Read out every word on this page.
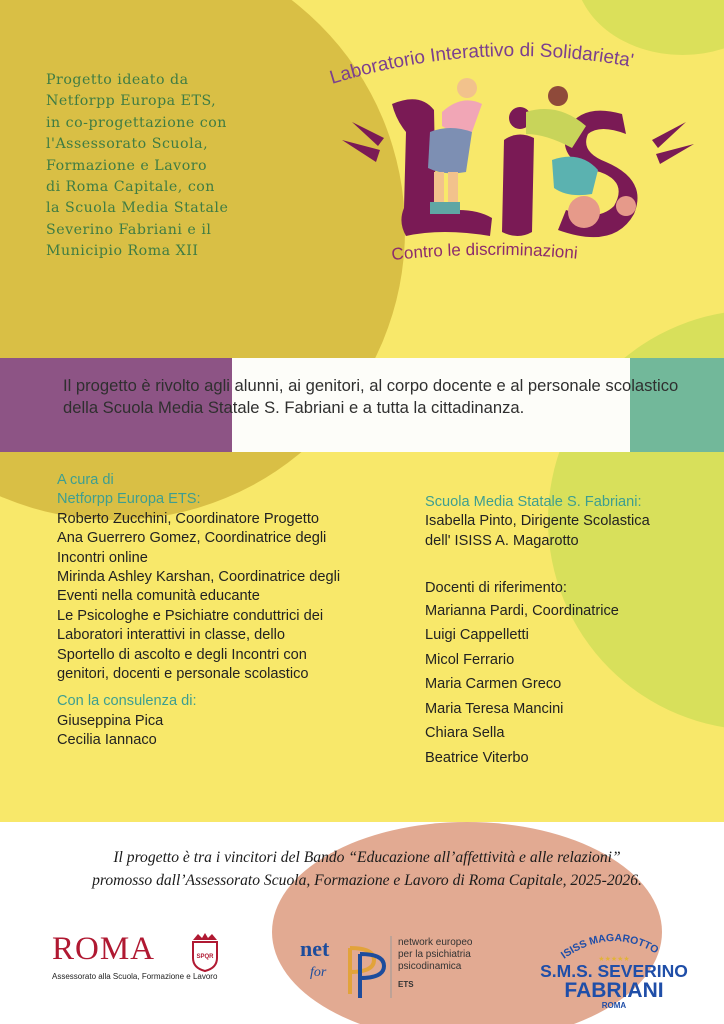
Progetto ideato da
Netforpp Europa ETS,
in co-progettazione con
l'Assessorato Scuola,
Formazione e Lavoro
di Roma Capitale, con
la Scuola Media Statale
Severino Fabriani e il
Municipio Roma XII
Laboratorio Interattivo di Solidarieta'
Contro le discriminazioni
Il progetto è rivolto agli alunni, ai genitori, al corpo docente e al personale scolastico della Scuola Media Statale S. Fabriani e a tutta la cittadinanza.
A cura di
Netforpp Europa ETS:
Roberto Zucchini, Coordinatore Progetto
Ana Guerrero Gomez, Coordinatrice degli
Incontri online
Mirinda Ashley Karshan, Coordinatrice degli
Eventi nella comunità educante
Le Psicologhe e Psichiatre conduttrici dei
Laboratori interattivi in classe, dello
Sportello di ascolto e degli Incontri con
genitori, docenti e personale scolastico
Con la consulenza di:
Giuseppina Pica
Cecilia Iannaco
Scuola Media Statale S. Fabriani:
Isabella Pinto, Dirigente Scolastica
dell' ISISS A. Magarotto
Docenti di riferimento:
Marianna Pardi, Coordinatrice
Luigi Cappelletti
Micol Ferrario
Maria Carmen Greco
Maria Teresa Mancini
Chiara Sella
Beatrice Viterbo
Il progetto è tra i vincitori del Bando “Educazione all’affettività e alle relazioni”
promosso dall’Assessorato Scuola, Formazione e Lavoro di Roma Capitale, 2025-2026.
ROMA
Assessorato alla Scuola, Formazione e Lavoro
SPQR	net
for
network europeo
per la psichiatria
psicodinamica
ETS
ISISS MAGAROTTO
★★★★★
S.M.S. SEVERINO
FABRIANI
ROMA
